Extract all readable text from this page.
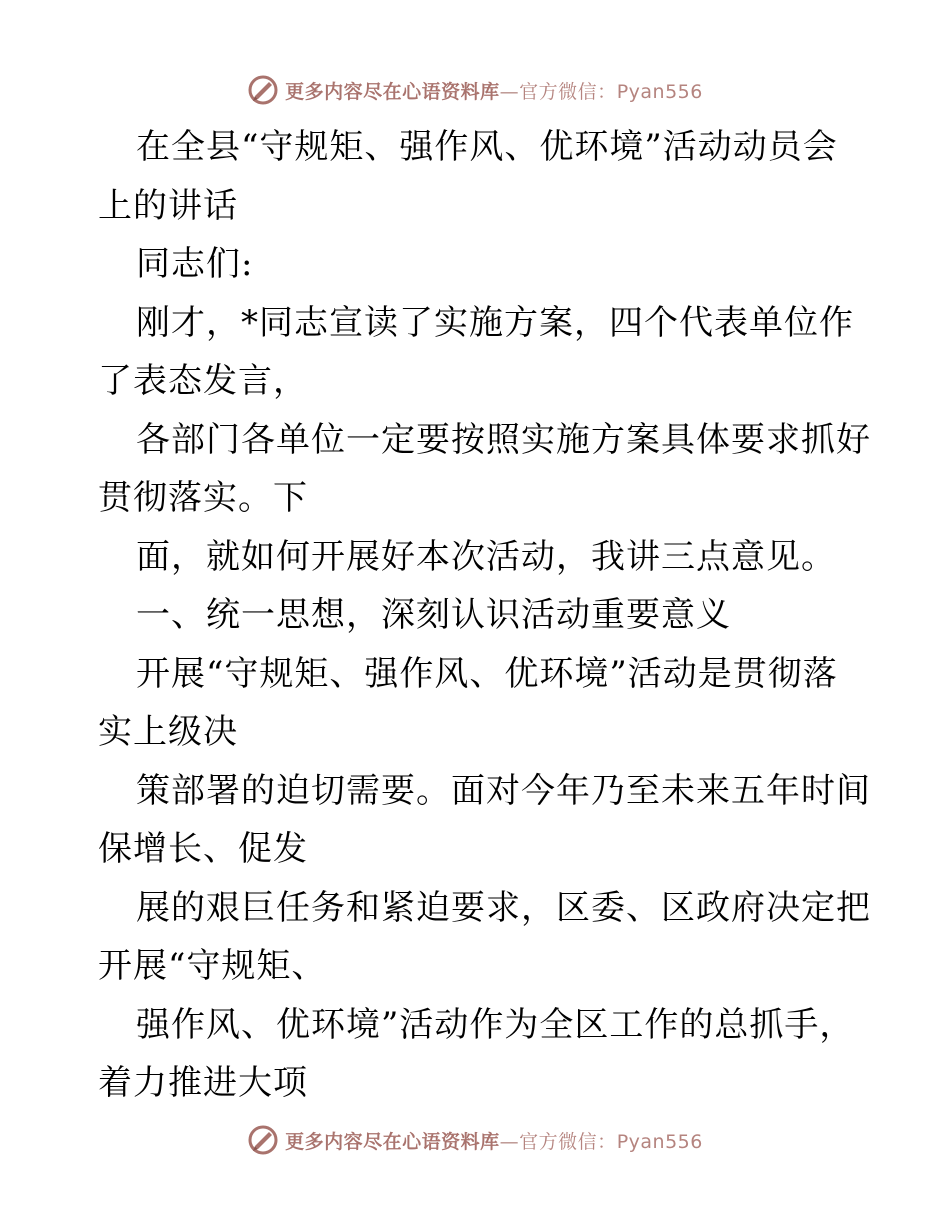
更多内容尽在心语资料库—官方微信：Pyan556
在全县“守规矩、强作风、优环境”活动动员会
上的讲话
同志们:
刚才，*同志宣读了实施方案，四个代表单位作
了表态发言，
各部门各单位一定要按照实施方案具体要求抓好
贯彻落实。下
面，就如何开展好本次活动，我讲三点意见。
一、统一思想，深刻认识活动重要意义
开展“守规矩、强作风、优环境”活动是贯彻落
实上级决
策部署的迫切需要。面对今年乃至未来五年时间
保增长、促发
展的艰巨任务和紧迫要求，区委、区政府决定把
开展“守规矩、
强作风、优环境”活动作为全区工作的总抓手，
着力推进大项
更多内容尽在心语资料库—官方微信：Pyan556
